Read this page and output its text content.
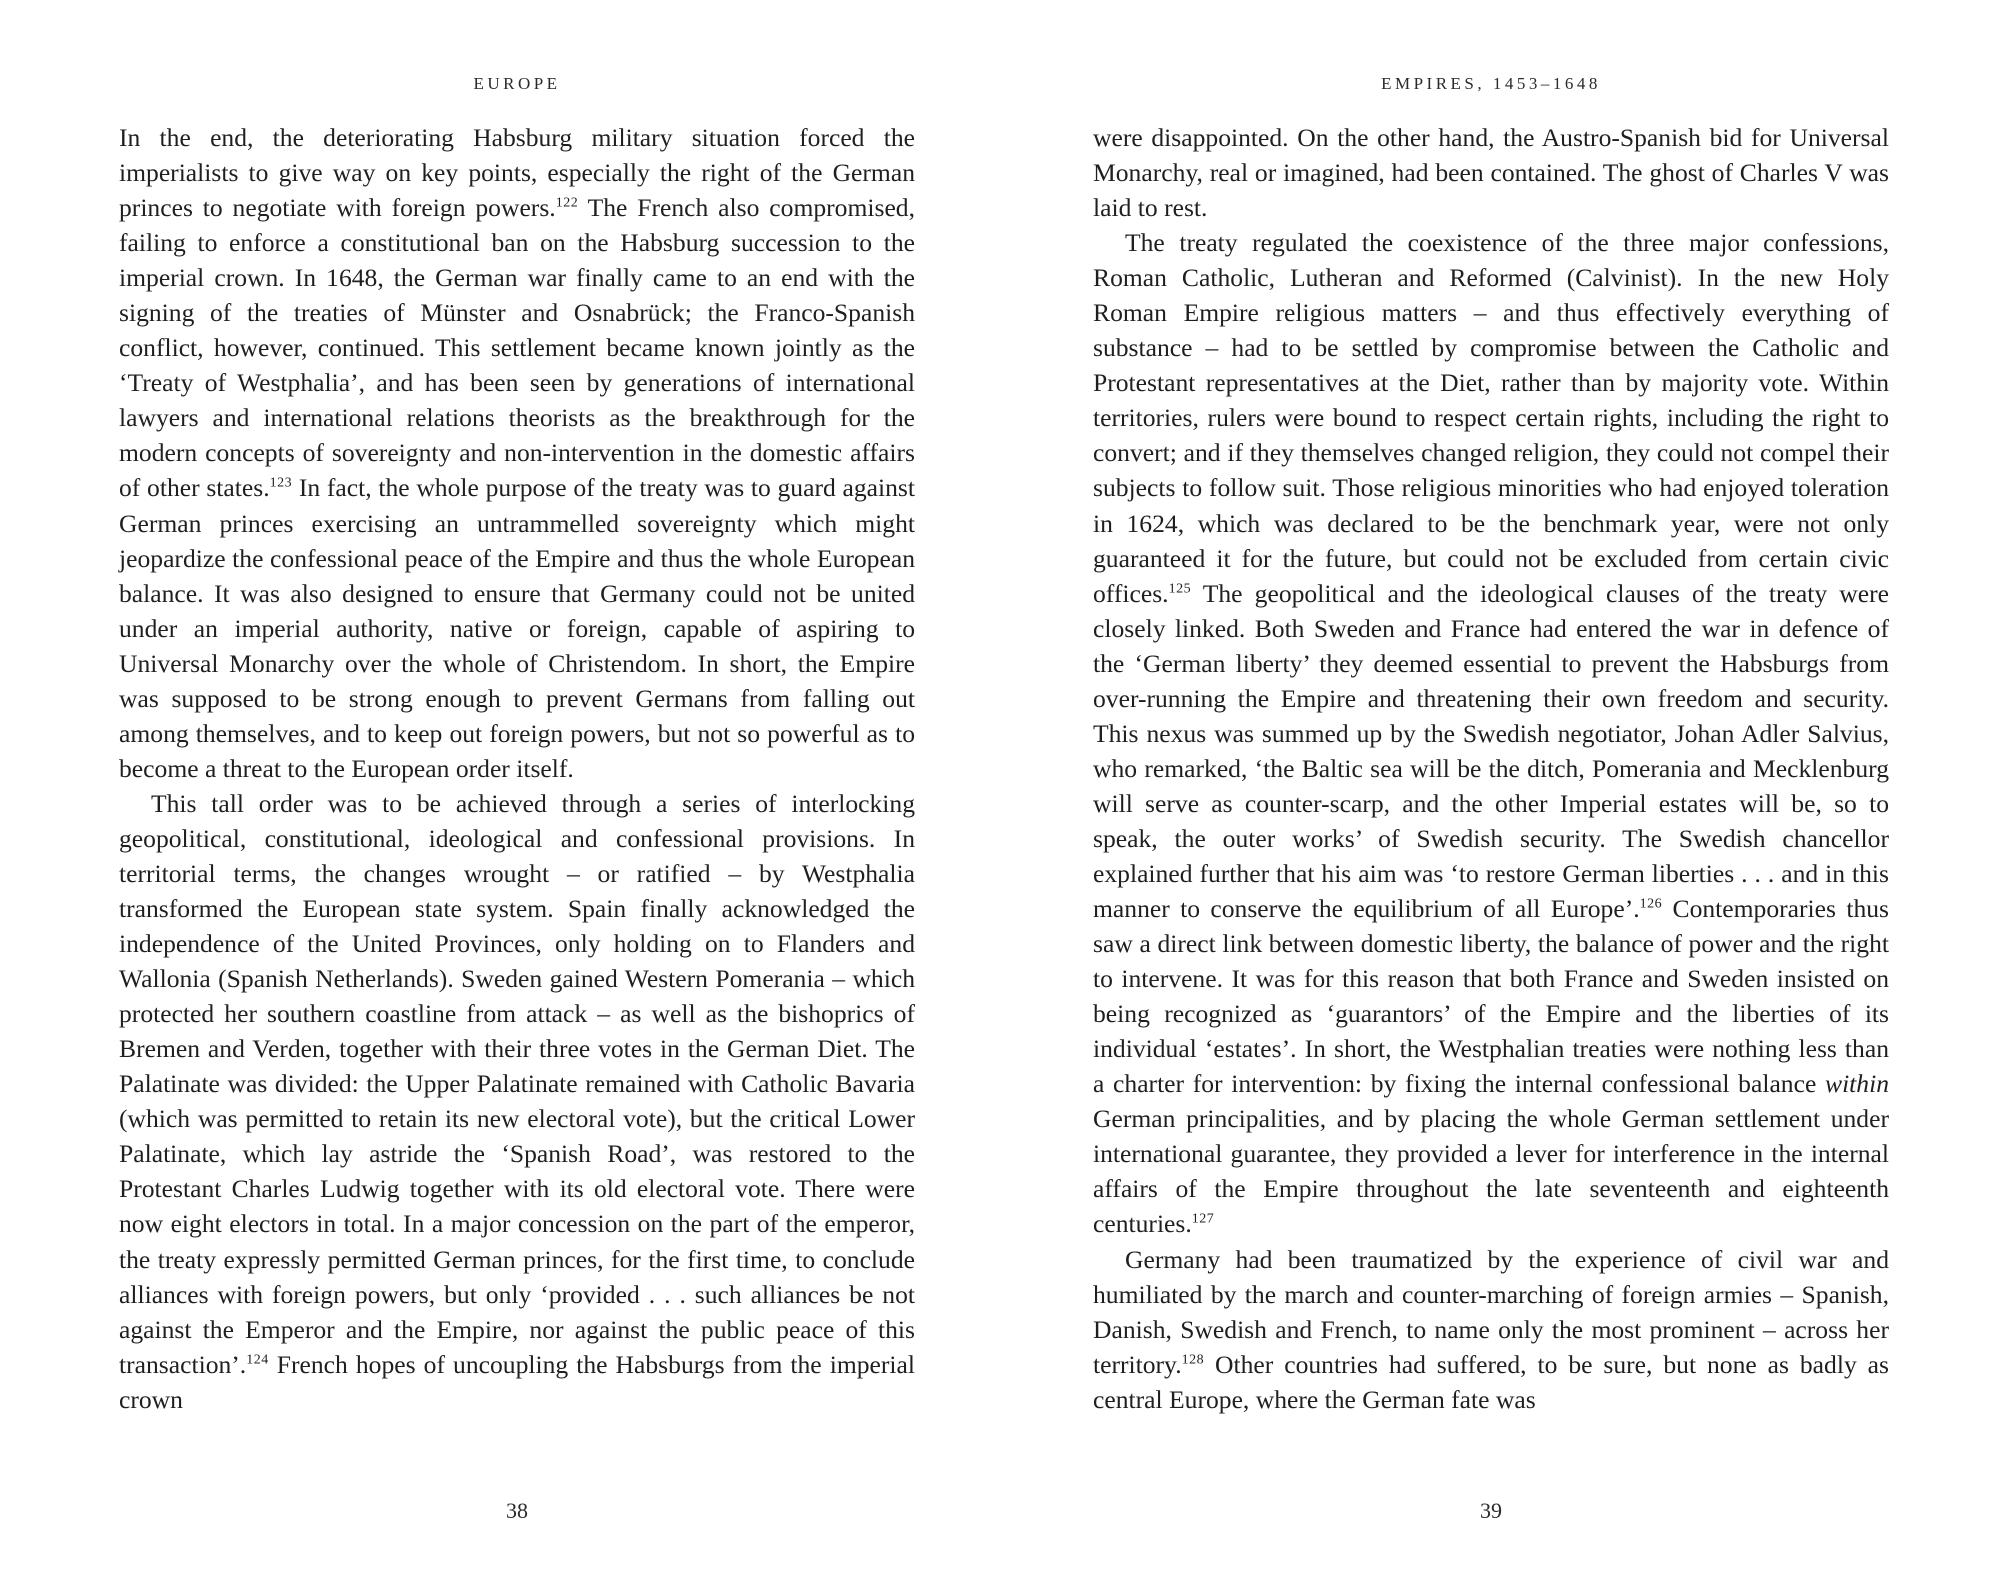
EUROPE

In the end, the deteriorating Habsburg military situation forced the imperialists to give way on key points, especially the right of the German princes to negotiate with foreign powers.$^{122}$ The French also compromised, failing to enforce a constitutional ban on the Habsburg succession to the imperial crown. In 1648, the German war finally came to an end with the signing of the treaties of Münster and Osnabrück; the Franco-Spanish conflict, however, continued. This settlement became known jointly as the ‘Treaty of Westphalia’, and has been seen by generations of international lawyers and international relations theorists as the breakthrough for the modern concepts of sovereignty and non-intervention in the domestic affairs of other states.$^{123}$ In fact, the whole purpose of the treaty was to guard against German princes exercising an untrammelled sovereignty which might jeopardize the confessional peace of the Empire and thus the whole European balance. It was also designed to ensure that Germany could not be united under an imperial authority, native or foreign, capable of aspiring to Universal Monarchy over the whole of Christendom. In short, the Empire was supposed to be strong enough to prevent Germans from falling out among themselves, and to keep out foreign powers, but not so powerful as to become a threat to the European order itself.

This tall order was to be achieved through a series of interlocking geopolitical, constitutional, ideological and confessional provisions. In territorial terms, the changes wrought – or ratified – by Westphalia transformed the European state system. Spain finally acknowledged the independence of the United Provinces, only holding on to Flanders and Wallonia (Spanish Netherlands). Sweden gained Western Pomerania – which protected her southern coastline from attack – as well as the bishoprics of Bremen and Verden, together with their three votes in the German Diet. The Palatinate was divided: the Upper Palatinate remained with Catholic Bavaria (which was permitted to retain its new electoral vote), but the critical Lower Palatinate, which lay astride the ‘Spanish Road’, was restored to the Protestant Charles Ludwig together with its old electoral vote. There were now eight electors in total. In a major concession on the part of the emperor, the treaty expressly permitted German princes, for the first time, to conclude alliances with foreign powers, but only ‘provided . . . such alliances be not against the Emperor and the Empire, nor against the public peace of this transaction’.$^{124}$ French hopes of uncoupling the Habsburgs from the imperial crown

38
EMPIRES, 1453–1648

were disappointed. On the other hand, the Austro-Spanish bid for Universal Monarchy, real or imagined, had been contained. The ghost of Charles V was laid to rest.

The treaty regulated the coexistence of the three major confessions, Roman Catholic, Lutheran and Reformed (Calvinist). In the new Holy Roman Empire religious matters – and thus effectively everything of substance – had to be settled by compromise between the Catholic and Protestant representatives at the Diet, rather than by majority vote. Within territories, rulers were bound to respect certain rights, including the right to convert; and if they themselves changed religion, they could not compel their subjects to follow suit. Those religious minorities who had enjoyed toleration in 1624, which was declared to be the benchmark year, were not only guaranteed it for the future, but could not be excluded from certain civic offices.$^{125}$ The geopolitical and the ideological clauses of the treaty were closely linked. Both Sweden and France had entered the war in defence of the ‘German liberty’ they deemed essential to prevent the Habsburgs from over-running the Empire and threatening their own freedom and security. This nexus was summed up by the Swedish negotiator, Johan Adler Salvius, who remarked, ‘the Baltic sea will be the ditch, Pomerania and Mecklenburg will serve as counter-scarp, and the other Imperial estates will be, so to speak, the outer works’ of Swedish security. The Swedish chancellor explained further that his aim was ‘to restore German liberties . . . and in this manner to conserve the equilibrium of all Europe’.$^{126}$ Contemporaries thus saw a direct link between domestic liberty, the balance of power and the right to intervene. It was for this reason that both France and Sweden insisted on being recognized as ‘guarantors’ of the Empire and the liberties of its individual ‘estates’. In short, the Westphalian treaties were nothing less than a charter for intervention: by fixing the internal confessional balance within German principalities, and by placing the whole German settlement under international guarantee, they provided a lever for interference in the internal affairs of the Empire throughout the late seventeenth and eighteenth centuries.$^{127}$

Germany had been traumatized by the experience of civil war and humiliated by the march and counter-marching of foreign armies – Spanish, Danish, Swedish and French, to name only the most prominent – across her territory.$^{128}$ Other countries had suffered, to be sure, but none as badly as central Europe, where the German fate was

39
